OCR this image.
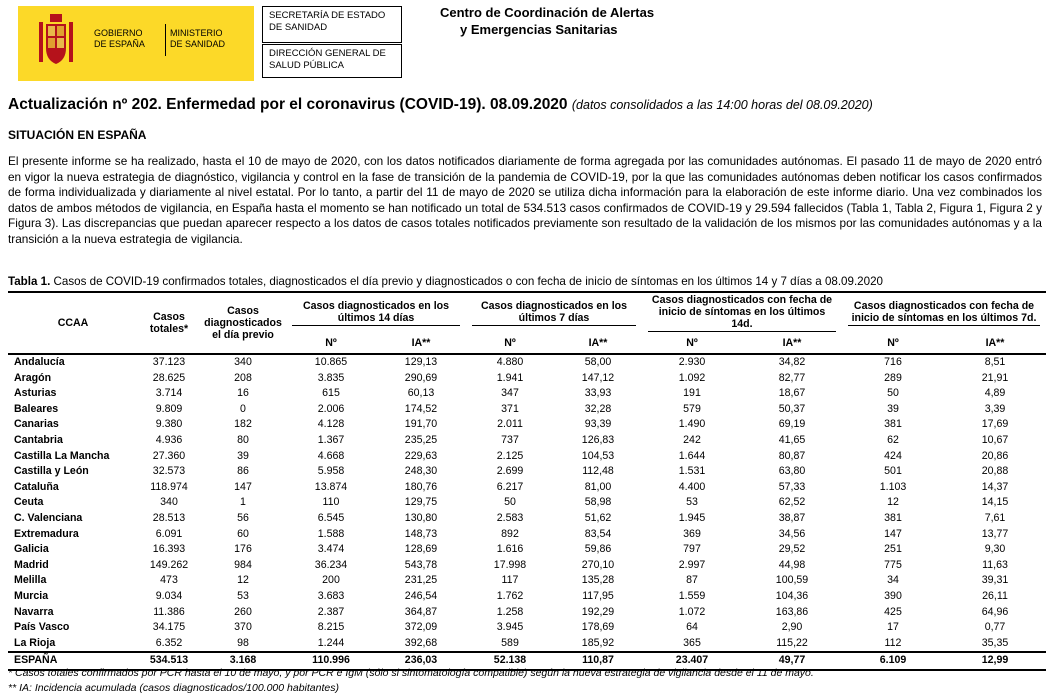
GOBIERNO
DE ESPAÑA
MINISTERIO
DE SANIDAD
SECRETARÍA DE ESTADO
DE SANIDAD
DIRECCIÓN GENERAL DE
SALUD PÚBLICA
Centro de Coordinación de Alertas
y Emergencias Sanitarias
Actualización nº 202. Enfermedad por el coronavirus (COVID-19). 08.09.2020 (datos consolidados a las 14:00 horas del 08.09.2020)
SITUACIÓN EN ESPAÑA
El presente informe se ha realizado, hasta el 10 de mayo de 2020, con los datos notificados diariamente de forma agregada por las comunidades autónomas. El pasado 11 de mayo de 2020 entró en vigor la nueva estrategia de diagnóstico, vigilancia y control en la fase de transición de la pandemia de COVID-19, por la que las comunidades autónomas deben notificar los casos confirmados de forma individualizada y diariamente al nivel estatal. Por lo tanto, a partir del 11 de mayo de 2020 se utiliza dicha información para la elaboración de este informe diario. Una vez combinados los datos de ambos métodos de vigilancia, en España hasta el momento se han notificado un total de 534.513 casos confirmados de COVID-19 y 29.594 fallecidos (Tabla 1, Tabla 2, Figura 1, Figura 2 y Figura 3). Las discrepancias que puedan aparecer respecto a los datos de casos totales notificados previamente son resultado de la validación de los mismos por las comunidades autónomas y a la transición a la nueva estrategia de vigilancia.
Tabla 1. Casos de COVID-19 confirmados totales, diagnosticados el día previo y diagnosticados o con fecha de inicio de síntomas en los últimos 14 y 7 días a 08.09.2020
CCAA	Casos totales*	Casos diagnosticados el día previo	Casos diagnosticados en los últimos 14 días		Casos diagnosticados en los últimos 7 días		Casos diagnosticados con fecha de inicio de síntomas en los últimos 14d.		Casos diagnosticados con fecha de inicio de síntomas en los últimos 7d.	

			Nº	IA**	Nº	IA**	Nº	IA**	Nº	IA**
Andalucía	37.123	340	10.865	129,13	4.880	58,00	2.930	34,82	716	8,51
Aragón	28.625	208	3.835	290,69	1.941	147,12	1.092	82,77	289	21,91
Asturias	3.714	16	615	60,13	347	33,93	191	18,67	50	4,89
Baleares	9.809	0	2.006	174,52	371	32,28	579	50,37	39	3,39
Canarias	9.380	182	4.128	191,70	2.011	93,39	1.490	69,19	381	17,69
Cantabria	4.936	80	1.367	235,25	737	126,83	242	41,65	62	10,67
Castilla La Mancha	27.360	39	4.668	229,63	2.125	104,53	1.644	80,87	424	20,86
Castilla y León	32.573	86	5.958	248,30	2.699	112,48	1.531	63,80	501	20,88
Cataluña	118.974	147	13.874	180,76	6.217	81,00	4.400	57,33	1.103	14,37
Ceuta	340	1	110	129,75	50	58,98	53	62,52	12	14,15
C. Valenciana	28.513	56	6.545	130,80	2.583	51,62	1.945	38,87	381	7,61
Extremadura	6.091	60	1.588	148,73	892	83,54	369	34,56	147	13,77
Galicia	16.393	176	3.474	128,69	1.616	59,86	797	29,52	251	9,30
Madrid	149.262	984	36.234	543,78	17.998	270,10	2.997	44,98	775	11,63
Melilla	473	12	200	231,25	117	135,28	87	100,59	34	39,31
Murcia	9.034	53	3.683	246,54	1.762	117,95	1.559	104,36	390	26,11
Navarra	11.386	260	2.387	364,87	1.258	192,29	1.072	163,86	425	64,96
País Vasco	34.175	370	8.215	372,09	3.945	178,69	64	2,90	17	0,77
La Rioja	6.352	98	1.244	392,68	589	185,92	365	115,22	112	35,35
ESPAÑA	534.513	3.168	110.996	236,03	52.138	110,87	23.407	49,77	6.109	12,99
* Casos totales confirmados por PCR hasta el 10 de mayo, y por PCR e IgM (sólo si sintomatología compatible) según la nueva estrategia de vigilancia desde el 11 de mayo.
** IA: Incidencia acumulada (casos diagnosticados/100.000 habitantes)
